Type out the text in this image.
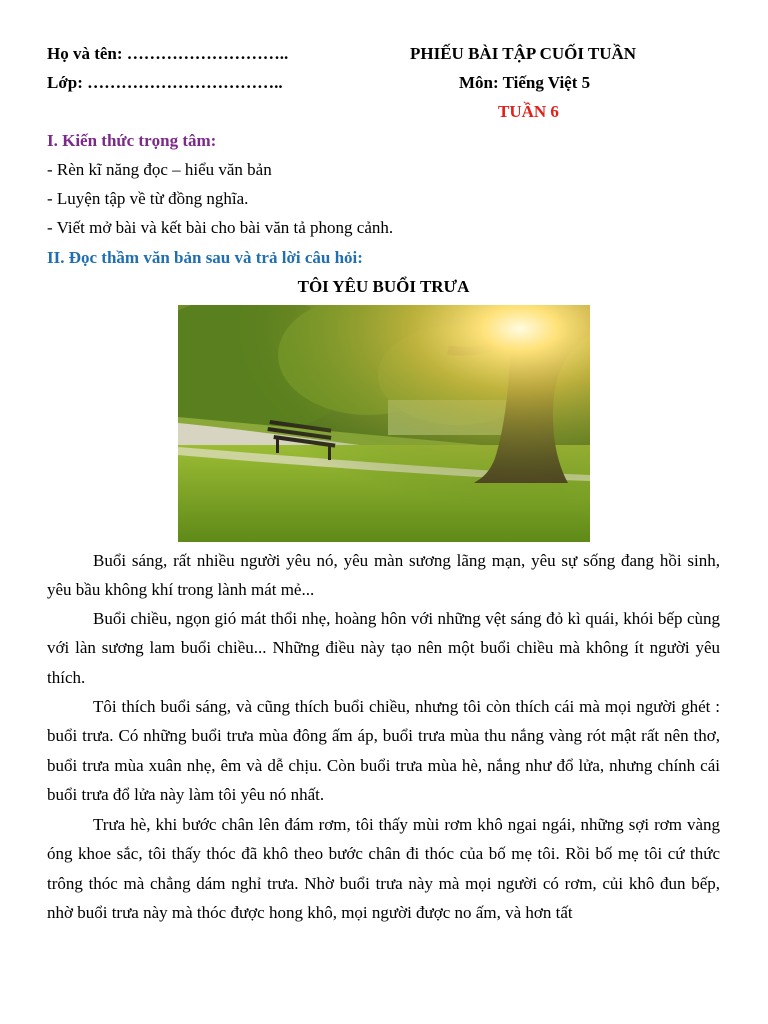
Họ và tên: ………………………..
Lớp: ……………………………..
PHIẾU BÀI TẬP CUỐI TUẦN
Môn: Tiếng Việt 5
TUẦN 6
I. Kiến thức trọng tâm:
- Rèn kĩ năng đọc – hiểu văn bản
- Luyện tập về từ đồng nghĩa.
- Viết mở bài và kết bài cho bài văn tả phong cảnh.
II. Đọc thầm văn bản sau và trả lời câu hỏi:
TÔI YÊU BUỔI TRƯA

Buổi sáng, rất nhiều người yêu nó, yêu màn sương lãng mạn, yêu sự sống đang hồi sinh, yêu bầu không khí trong lành mát mẻ...

Buổi chiều, ngọn gió mát thổi nhẹ, hoàng hôn với những vệt sáng đỏ kì quái, khói bếp cùng với làn sương lam buổi chiều... Những điều này tạo nên một buổi chiều mà không ít người yêu thích.

Tôi thích buổi sáng, và cũng thích buổi chiều, nhưng tôi còn thích cái mà mọi người ghét : buổi trưa. Có những buổi trưa mùa đông ấm áp, buổi trưa mùa thu nắng vàng rót mật rất nên thơ, buổi trưa mùa xuân nhẹ, êm và dễ chịu. Còn buổi trưa mùa hè, nắng như đổ lửa, nhưng chính cái buổi trưa đổ lửa này làm tôi yêu nó nhất.

Trưa hè, khi bước chân lên đám rơm, tôi thấy mùi rơm khô ngai ngái, những sợi rơm vàng óng khoe sắc, tôi thấy thóc đã khô theo bước chân đi thóc của bố mẹ tôi. Rồi bố mẹ tôi cứ thức trông thóc mà chẳng dám nghỉ trưa. Nhờ buổi trưa này mà mọi người có rơm, củi khô đun bếp, nhờ buổi trưa này mà thóc được hong khô, mọi người được no ấm, và hơn tất
